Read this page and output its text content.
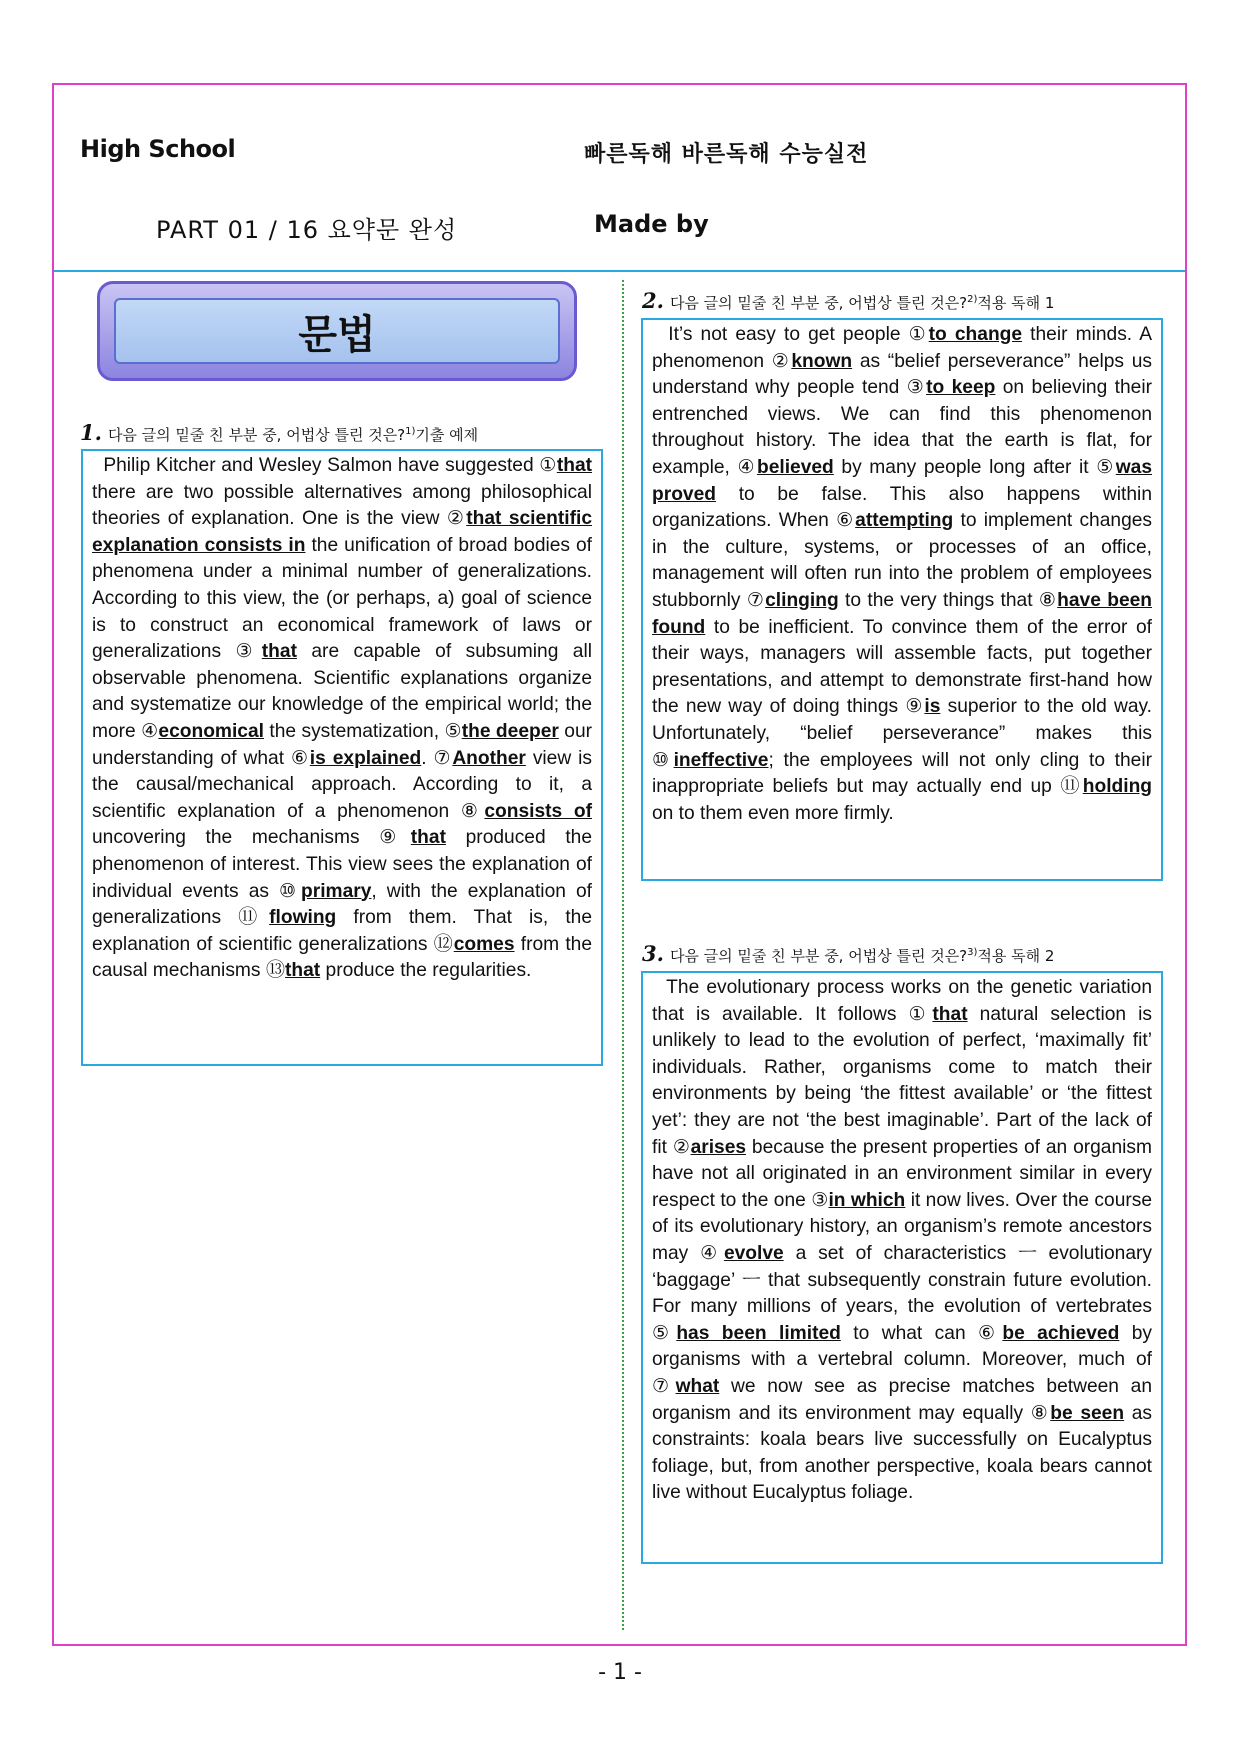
High School	빠른독해 바른독해 수능실전
PART 01 / 16 요약문 완성	Made by
문법
1. 다음 글의 밑줄 친 부분 중, 어법상 틀린 것은?$^{1)}$기출 예제
Philip Kitcher and Wesley Salmon have suggested ①that there are two possible alternatives among philosophical theories of explanation. One is the view ②that scientific explanation consists in the unification of broad bodies of phenomena under a minimal number of generalizations. According to this view, the (or perhaps, a) goal of science is to construct an economical framework of laws or generalizations ③that are capable of subsuming all observable phenomena. Scientific explanations organize and systematize our knowledge of the empirical world; the more ④economical the systematization, ⑤the deeper our understanding of what ⑥is explained. ⑦Another view is the causal/mechanical approach. According to it, a scientific explanation of a phenomenon ⑧consists of uncovering the mechanisms ⑨that produced the phenomenon of interest. This view sees the explanation of individual events as ⑩primary, with the explanation of generalizations ⑪flowing from them. That is, the explanation of scientific generalizations ⑫comes from the causal mechanisms ⑬that produce the regularities.
2. 다음 글의 밑줄 친 부분 중, 어법상 틀린 것은?$^{2)}$적용 독해 1
It’s not easy to get people ①to change their minds. A phenomenon ②known as “belief perseverance” helps us understand why people tend ③to keep on believing their entrenched views. We can find this phenomenon throughout history. The idea that the earth is flat, for example, ④believed by many people long after it ⑤was proved to be false. This also happens within organizations. When ⑥attempting to implement changes in the culture, systems, or processes of an office, management will often run into the problem of employees stubbornly ⑦clinging to the very things that ⑧have been found to be inefficient. To convince them of the error of their ways, managers will assemble facts, put together presentations, and attempt to demonstrate first-hand how the new way of doing things ⑨is superior to the old way. Unfortunately, “belief perseverance” makes this ⑩ineffective; the employees will not only cling to their inappropriate beliefs but may actually end up ⑪holding on to them even more firmly.
3. 다음 글의 밑줄 친 부분 중, 어법상 틀린 것은?$^{3)}$적용 독해 2
The evolutionary process works on the genetic variation that is available. It follows ①that natural selection is unlikely to lead to the evolution of perfect, ‘maximally fit’ individuals. Rather, organisms come to match their environments by being ‘the fittest available’ or ‘the fittest yet’: they are not ‘the best imaginable’. Part of the lack of fit ②arises because the present properties of an organism have not all originated in an environment similar in every respect to the one ③in which it now lives. Over the course of its evolutionary history, an organism’s remote ancestors may ④evolve a set of characteristics ㅡ evolutionary ‘baggage’ ㅡ that subsequently constrain future evolution. For many millions of years, the evolution of vertebrates ⑤has been limited to what can ⑥be achieved by organisms with a vertebral column. Moreover, much of ⑦what we now see as precise matches between an organism and its environment may equally ⑧be seen as constraints: koala bears live successfully on Eucalyptus foliage, but, from another perspective, koala bears cannot live without Eucalyptus foliage.
- 1 -
